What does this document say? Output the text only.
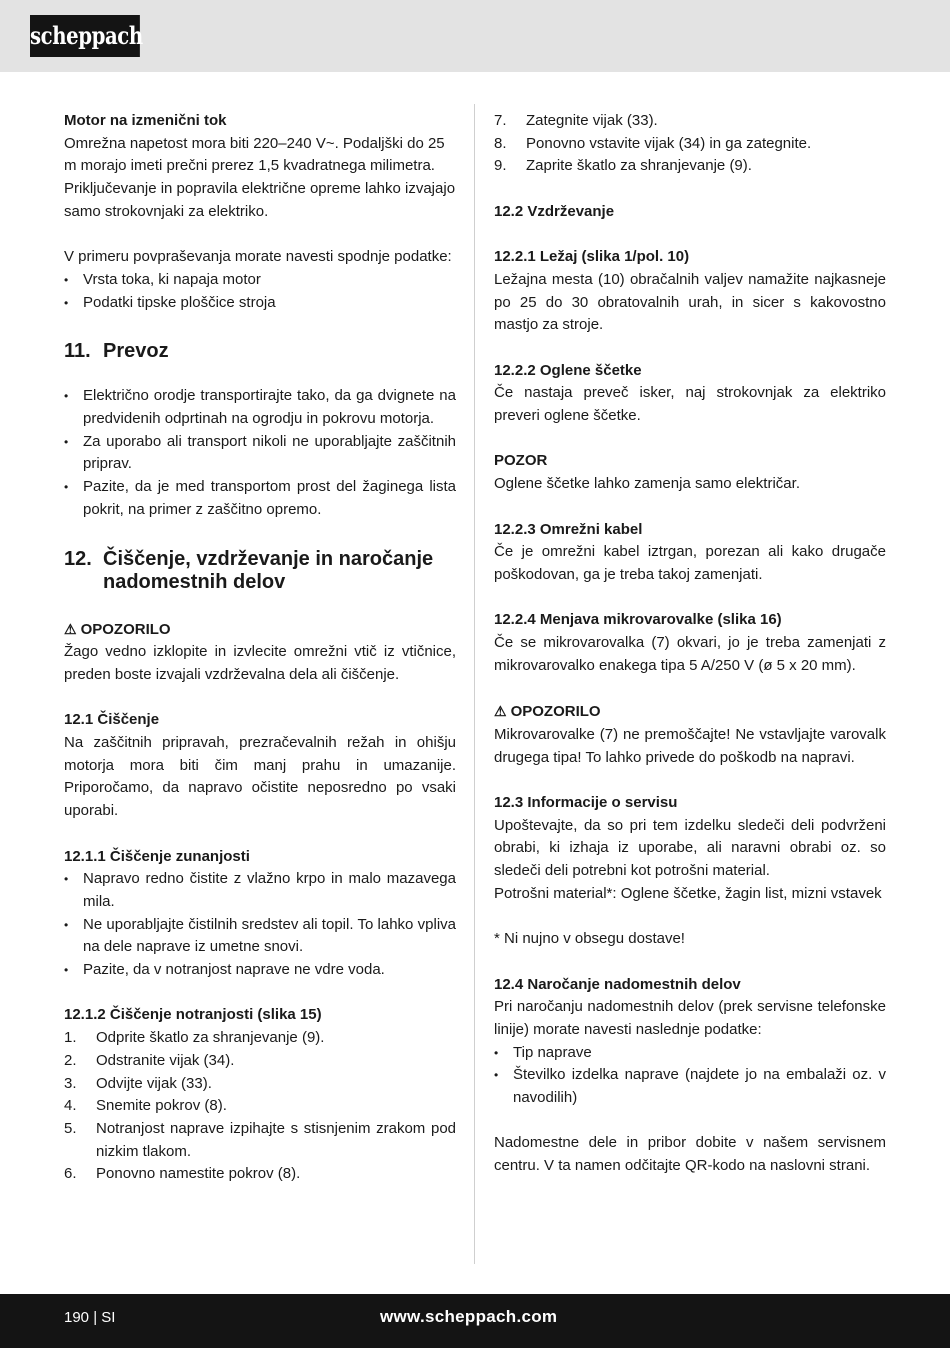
scheppach

Motor na izmenični tok

Omrežna napetost mora biti 220–240 V~. Podaljški do 25 m morajo imeti prečni prerez 1,5 kvadratnega milimetra. Priključevanje in popravila električne opreme lahko izvajajo samo strokovnjaki za elektriko.

V primeru povpraševanja morate navesti spodnje podatke:

• Vrsta toka, ki napaja motor
• Podatki tipske ploščice stroja
11. Prevoz
• Električno orodje transportirajte tako, da ga dvignete na predvidenih odprtinah na ogrodju in pokrovu motorja.
• Za uporabo ali transport nikoli ne uporabljajte zaščitnih priprav.
• Pazite, da je med transportom prost del žaginega lista pokrit, na primer z zaščitno opremo.
12. Čiščenje, vzdrževanje in naročanje nadomestnih delov

⚠ OPOZORILO

Žago vedno izklopite in izvlecite omrežni vtič iz vtičnice, preden boste izvajali vzdrževalna dela ali čiščenje.

12.1 Čiščenje

Na zaščitnih pripravah, prezračevalnih režah in ohišju motorja mora biti čim manj prahu in umazanije. Priporočamo, da napravo očistite neposredno po vsaki uporabi.

12.1.1 Čiščenje zunanjosti

• Napravo redno čistite z vlažno krpo in malo mazavega mila.
• Ne uporabljajte čistilnih sredstev ali topil. To lahko vpliva na dele naprave iz umetne snovi.
• Pazite, da v notranjost naprave ne vdre voda.

12.1.2 Čiščenje notranjosti (slika 15)

1.	Odprite škatlo za shranjevanje (9).
2.	Odstranite vijak (34).
3.	Odvijte vijak (33).
4.	Snemite pokrov (8).
5.	Notranjost naprave izpihajte s stisnjenim zrakom pod nizkim tlakom.
6.	Ponovno namestite pokrov (8).
7.	Zategnite vijak (33).
8.	Ponovno vstavite vijak (34) in ga zategnite.
9.	Zaprite škatlo za shranjevanje (9).

12.2 Vzdrževanje

12.2.1 Ležaj (slika 1/pol. 10)

Ležajna mesta (10) obračalnih valjev namažite najkasneje po 25 do 30 obratovalnih urah, in sicer s kakovostno mastjo za stroje.

12.2.2 Oglene ščetke

Če nastaja preveč isker, naj strokovnjak za elektriko preveri oglene ščetke.

POZOR

Oglene ščetke lahko zamenja samo električar.

12.2.3 Omrežni kabel

Če je omrežni kabel iztrgan, porezan ali kako drugače poškodovan, ga je treba takoj zamenjati.

12.2.4 Menjava mikrovarovalke (slika 16)

Če se mikrovarovalka (7) okvari, jo je treba zamenjati z mikrovarovalko enakega tipa 5 A/250 V (ø 5 x 20 mm).

⚠ OPOZORILO

Mikrovarovalke (7) ne premoščajte! Ne vstavljajte varovalk drugega tipa! To lahko privede do poškodb na napravi.

12.3 Informacije o servisu

Upoštevajte, da so pri tem izdelku sledeči deli podvrženi obrabi, ki izhaja iz uporabe, ali naravni obrabi oz. so sledeči deli potrebni kot potrošni material.

Potrošni material*: Oglene ščetke, žagin list, mizni vstavek

* Ni nujno v obsegu dostave!

12.4 Naročanje nadomestnih delov

Pri naročanju nadomestnih delov (prek servisne telefonske linije) morate navesti naslednje podatke:

• Tip naprave
• Številko izdelka naprave (najdete jo na embalaži oz. v navodilih)

Nadomestne dele in pribor dobite v našem servisnem centru. V ta namen odčitajte QR-kodo na naslovni strani.

190 | SI	www.scheppach.com
